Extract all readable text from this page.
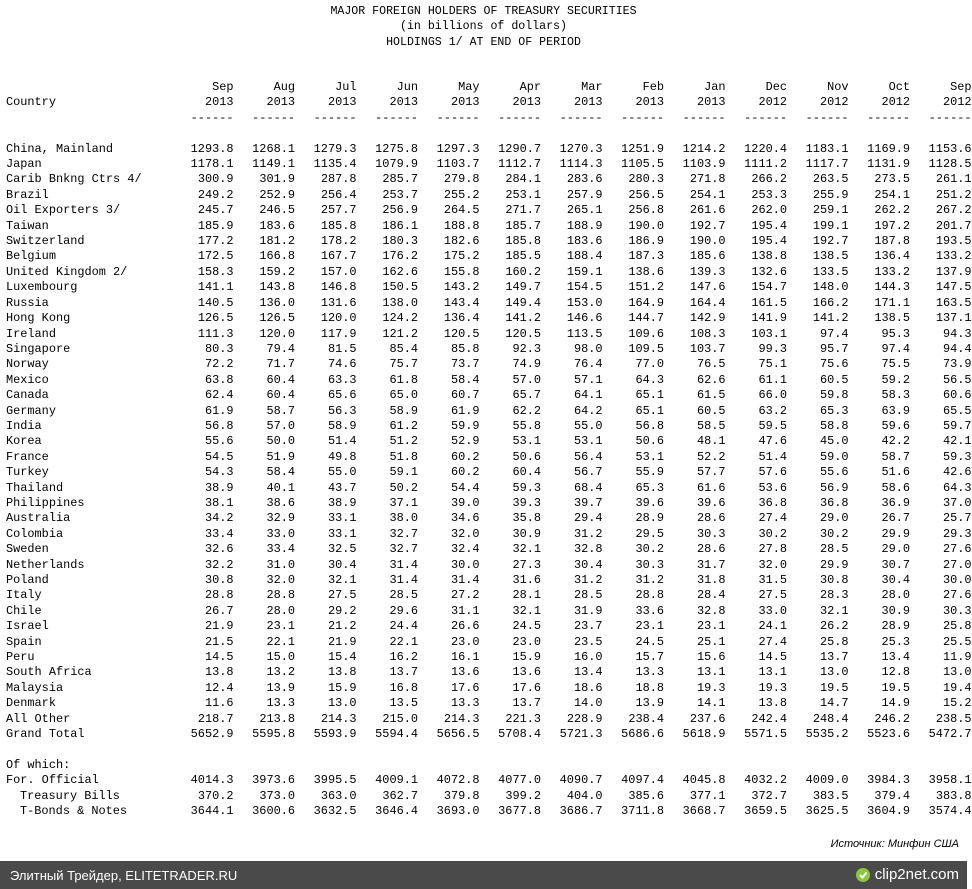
MAJOR FOREIGN HOLDERS OF TREASURY SECURITIES
(in billions of dollars)
HOLDINGS 1/ AT END OF PERIOD
	Sep	Aug	Jul	Jun	May	Apr	Mar	Feb	Jan	Dec	Nov	Oct	Sep
Country	2013	2013	2013	2013	2013	2013	2013	2013	2013	2012	2012	2012	2012
	------	------	------	------	------	------	------	------	------	------	------	------	------

China, Mainland	1293.8	1268.1	1279.3	1275.8	1297.3	1290.7	1270.3	1251.9	1214.2	1220.4	1183.1	1169.9	1153.6
Japan	1178.1	1149.1	1135.4	1079.9	1103.7	1112.7	1114.3	1105.5	1103.9	1111.2	1117.7	1131.9	1128.5
Carib Bnkng Ctrs 4/	300.9	301.9	287.8	285.7	279.8	284.1	283.6	280.3	271.8	266.2	263.5	273.5	261.1
Brazil	249.2	252.9	256.4	253.7	255.2	253.1	257.9	256.5	254.1	253.3	255.9	254.1	251.2
Oil Exporters 3/	245.7	246.5	257.7	256.9	264.5	271.7	265.1	256.8	261.6	262.0	259.1	262.2	267.2
Taiwan	185.9	183.6	185.8	186.1	188.8	185.7	188.9	190.0	192.7	195.4	199.1	197.2	201.7
Switzerland	177.2	181.2	178.2	180.3	182.6	185.8	183.6	186.9	190.0	195.4	192.7	187.8	193.5
Belgium	172.5	166.8	167.7	176.2	175.2	185.5	188.4	187.3	185.6	138.8	138.5	136.4	133.2
United Kingdom 2/	158.3	159.2	157.0	162.6	155.8	160.2	159.1	138.6	139.3	132.6	133.5	133.2	137.9
Luxembourg	141.1	143.8	146.8	150.5	143.2	149.7	154.5	151.2	147.6	154.7	148.0	144.3	147.5
Russia	140.5	136.0	131.6	138.0	143.4	149.4	153.0	164.9	164.4	161.5	166.2	171.1	163.5
Hong Kong	126.5	126.5	120.0	124.2	136.4	141.2	146.6	144.7	142.9	141.9	141.2	138.5	137.1
Ireland	111.3	120.0	117.9	121.2	120.5	120.5	113.5	109.6	108.3	103.1	97.4	95.3	94.3
Singapore	80.3	79.4	81.5	85.4	85.8	92.3	98.0	109.5	103.7	99.3	95.7	97.4	94.4
Norway	72.2	71.7	74.6	75.7	73.7	74.9	76.4	77.0	76.5	75.1	75.6	75.5	73.9
Mexico	63.8	60.4	63.3	61.8	58.4	57.0	57.1	64.3	62.6	61.1	60.5	59.2	56.5
Canada	62.4	60.4	65.6	65.0	60.7	65.7	64.1	65.1	61.5	66.0	59.8	58.3	60.6
Germany	61.9	58.7	56.3	58.9	61.9	62.2	64.2	65.1	60.5	63.2	65.3	63.9	65.5
India	56.8	57.0	58.9	61.2	59.9	55.8	55.0	56.8	58.5	59.5	58.8	59.6	59.7
Korea	55.6	50.0	51.4	51.2	52.9	53.1	53.1	50.6	48.1	47.6	45.0	42.2	42.1
France	54.5	51.9	49.8	51.8	60.2	50.6	56.4	53.1	52.2	51.4	59.0	58.7	59.3
Turkey	54.3	58.4	55.0	59.1	60.2	60.4	56.7	55.9	57.7	57.6	55.6	51.6	42.6
Thailand	38.9	40.1	43.7	50.2	54.4	59.3	68.4	65.3	61.6	53.6	56.9	58.6	64.3
Philippines	38.1	38.6	38.9	37.1	39.0	39.3	39.7	39.6	39.6	36.8	36.8	36.9	37.0
Australia	34.2	32.9	33.1	38.0	34.6	35.8	29.4	28.9	28.6	27.4	29.0	26.7	25.7
Colombia	33.4	33.0	33.1	32.7	32.0	30.9	31.2	29.5	30.3	30.2	30.2	29.9	29.3
Sweden	32.6	33.4	32.5	32.7	32.4	32.1	32.8	30.2	28.6	27.8	28.5	29.0	27.6
Netherlands	32.2	31.0	30.4	31.4	30.0	27.3	30.4	30.3	31.7	32.0	29.9	30.7	27.0
Poland	30.8	32.0	32.1	31.4	31.4	31.6	31.2	31.2	31.8	31.5	30.8	30.4	30.0
Italy	28.8	28.8	27.5	28.5	27.2	28.1	28.5	28.8	28.4	27.5	28.3	28.0	27.6
Chile	26.7	28.0	29.2	29.6	31.1	32.1	31.9	33.6	32.8	33.0	32.1	30.9	30.3
Israel	21.9	23.1	21.2	24.4	26.6	24.5	23.7	23.1	23.1	24.1	26.2	28.9	25.8
Spain	21.5	22.1	21.9	22.1	23.0	23.0	23.5	24.5	25.1	27.4	25.8	25.3	25.5
Peru	14.5	15.0	15.4	16.2	16.1	15.9	16.0	15.7	15.6	14.5	13.7	13.4	11.9
South Africa	13.8	13.2	13.8	13.7	13.6	13.6	13.4	13.3	13.1	13.1	13.0	12.8	13.0
Malaysia	12.4	13.9	15.9	16.8	17.6	17.6	18.6	18.8	19.3	19.3	19.5	19.5	19.4
Denmark	11.6	13.3	13.0	13.5	13.3	13.7	14.0	13.9	14.1	13.8	14.7	14.9	15.2
All Other	218.7	213.8	214.3	215.0	214.3	221.3	228.9	238.4	237.6	242.4	248.4	246.2	238.5
Grand Total	5652.9	5595.8	5593.9	5594.4	5656.5	5708.4	5721.3	5686.6	5618.9	5571.5	5535.2	5523.6	5472.7

Of which:													
For. Official	4014.3	3973.6	3995.5	4009.1	4072.8	4077.0	4090.7	4097.4	4045.8	4032.2	4009.0	3984.3	3958.1
Treasury Bills	370.2	373.0	363.0	362.7	379.8	399.2	404.0	385.6	377.1	372.7	383.5	379.4	383.8
T-Bonds & Notes	3644.1	3600.6	3632.5	3646.4	3693.0	3677.8	3686.7	3711.8	3668.7	3659.5	3625.5	3604.9	3574.4
Источник: Минфин США
Элитный Трейдер, ELITETRADER.RU	clip2net.com
